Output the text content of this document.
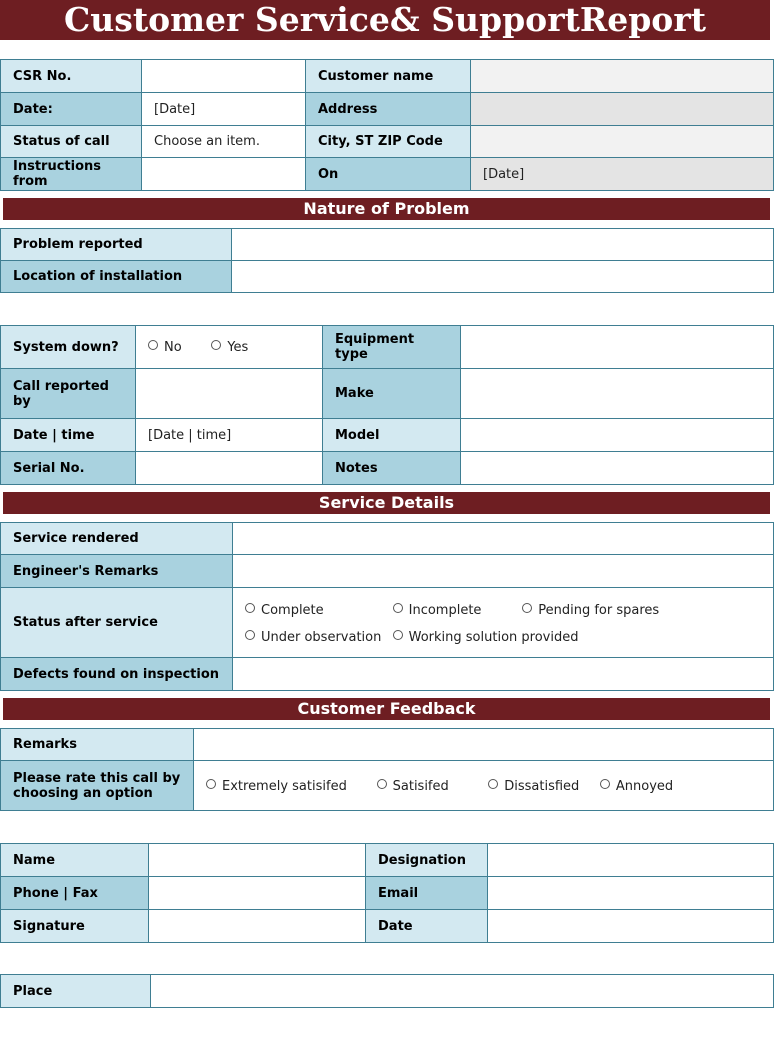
Customer Service& SupportReport
CSR No.		Customer name	
Date:	[Date]	Address	
Status of call	Choose an item.	City, ST ZIP Code	
Instructions from		On	[Date]
Nature of Problem
Problem reported	
Location of installation	
System down?	No Yes	Equipment type	
Call reported by		Make	
Date | time	[Date | time]	Model	
Serial No.		Notes	
Service Details
Service rendered	
Engineer's Remarks	
Status after service	Complete Incomplete Pending for spares
Under observation Working solution provided

Defects found on inspection	
Customer Feedback
Remarks	
Please rate this call by choosing an option	Extremely satisifed Satisifed Dissatisfied Annoyed
Name		Designation	
Phone | Fax		Email	
Signature		Date	
Place	
